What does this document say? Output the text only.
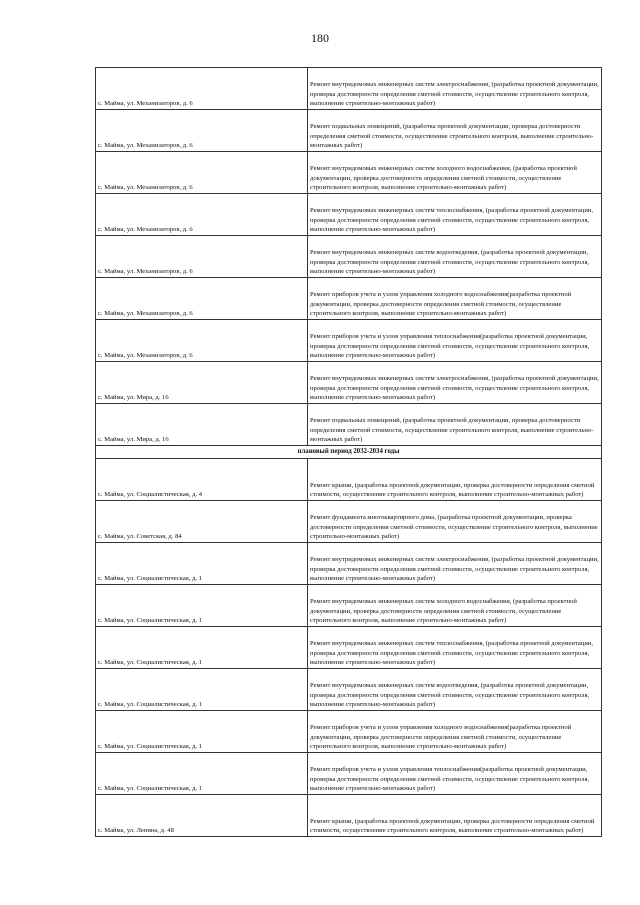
180
с. Майма, ул. Механизаторов, д. 6	Ремонт внутридомовых инженерных систем электроснабжения, (разработка проектной документации, проверка достоверности определения сметной стоимости, осуществление строительного контроля, выполнение строительно-монтажных работ)
с. Майма, ул. Механизаторов, д. 6	Ремонт подвальных помещений, (разработка проектной документации, проверка достоверности определения сметной стоимости, осуществление строительного контроля, выполнение строительно-монтажных работ)
с. Майма, ул. Механизаторов, д. 6	Ремонт внутридомовых инженерных систем холодного водоснабжения, (разработка проектной документации, проверка достоверности определения сметной стоимости, осуществление строительного контроля, выполнение строительно-монтажных работ)
с. Майма, ул. Механизаторов, д. 6	Ремонт внутридомовых инженерных систем теплоснабжения, (разработка проектной документации, проверка достоверности определения сметной стоимости, осуществление строительного контроля, выполнение строительно-монтажных работ)
с. Майма, ул. Механизаторов, д. 6	Ремонт внутридомовых инженерных систем водоотведения, (разработка проектной документации, проверка достоверности определения сметной стоимости, осуществление строительного контроля, выполнение строительно-монтажных работ)
с. Майма, ул. Механизаторов, д. 6	Ремонт приборов учета и узлов управления холодного водоснабжения(разработка проектной документации, проверка достоверности определения сметной стоимости, осуществление строительного контроля, выполнение строительно-монтажных работ)
с. Майма, ул. Механизаторов, д. 6	Ремонт приборов учета и узлов управления теплоснабжения(разработка проектной документации, проверка достоверности определения сметной стоимости, осуществление строительного контроля, выполнение строительно-монтажных работ)
с. Майма, ул. Мира, д. 16	Ремонт внутридомовых инженерных систем электроснабжения, (разработка проектной документации, проверка достоверности определения сметной стоимости, осуществление строительного контроля, выполнение строительно-монтажных работ)
с. Майма, ул. Мира, д. 16	Ремонт подвальных помещений, (разработка проектной документации, проверка достоверности определения сметной стоимости, осуществление строительного контроля, выполнение строительно-монтажных работ)
плановый период 2032-2034 годы	
с. Майма, ул. Социалистическая, д. 4	Ремонт крыши, (разработка проектной документации, проверка достоверности определения сметной стоимости, осуществление строительного контроля, выполнение строительно-монтажных работ)
с. Майма, ул. Советская, д. 84	Ремонт фундамента многоквартирного дома, (разработка проектной документации, проверка достоверности определения сметной стоимости, осуществление строительного контроля, выполнение строительно-монтажных работ)
с. Майма, ул. Социалистическая, д. 1	Ремонт внутридомовых инженерных систем электроснабжения, (разработка проектной документации, проверка достоверности определения сметной стоимости, осуществление строительного контроля, выполнение строительно-монтажных работ)
с. Майма, ул. Социалистическая, д. 1	Ремонт внутридомовых инженерных систем холодного водоснабжения, (разработка проектной документации, проверка достоверности определения сметной стоимости, осуществление строительного контроля, выполнение строительно-монтажных работ)
с. Майма, ул. Социалистическая, д. 1	Ремонт внутридомовых инженерных систем теплоснабжения, (разработка проектной документации, проверка достоверности определения сметной стоимости, осуществление строительного контроля, выполнение строительно-монтажных работ)
с. Майма, ул. Социалистическая, д. 1	Ремонт внутридомовых инженерных систем водоотведения, (разработка проектной документации, проверка достоверности определения сметной стоимости, осуществление строительного контроля, выполнение строительно-монтажных работ)
с. Майма, ул. Социалистическая, д. 1	Ремонт приборов учета и узлов управления холодного водоснабжения(разработка проектной документации, проверка достоверности определения сметной стоимости, осуществление строительного контроля, выполнение строительно-монтажных работ)
с. Майма, ул. Социалистическая, д. 1	Ремонт приборов учета и узлов управления теплоснабжения(разработка проектной документации, проверка достоверности определения сметной стоимости, осуществление строительного контроля, выполнение строительно-монтажных работ)
с. Майма, ул. Ленина, д. 48	Ремонт крыши, (разработка проектной документации, проверка достоверности определения сметной стоимости, осуществление строительного контроля, выполнение строительно-монтажных работ)
